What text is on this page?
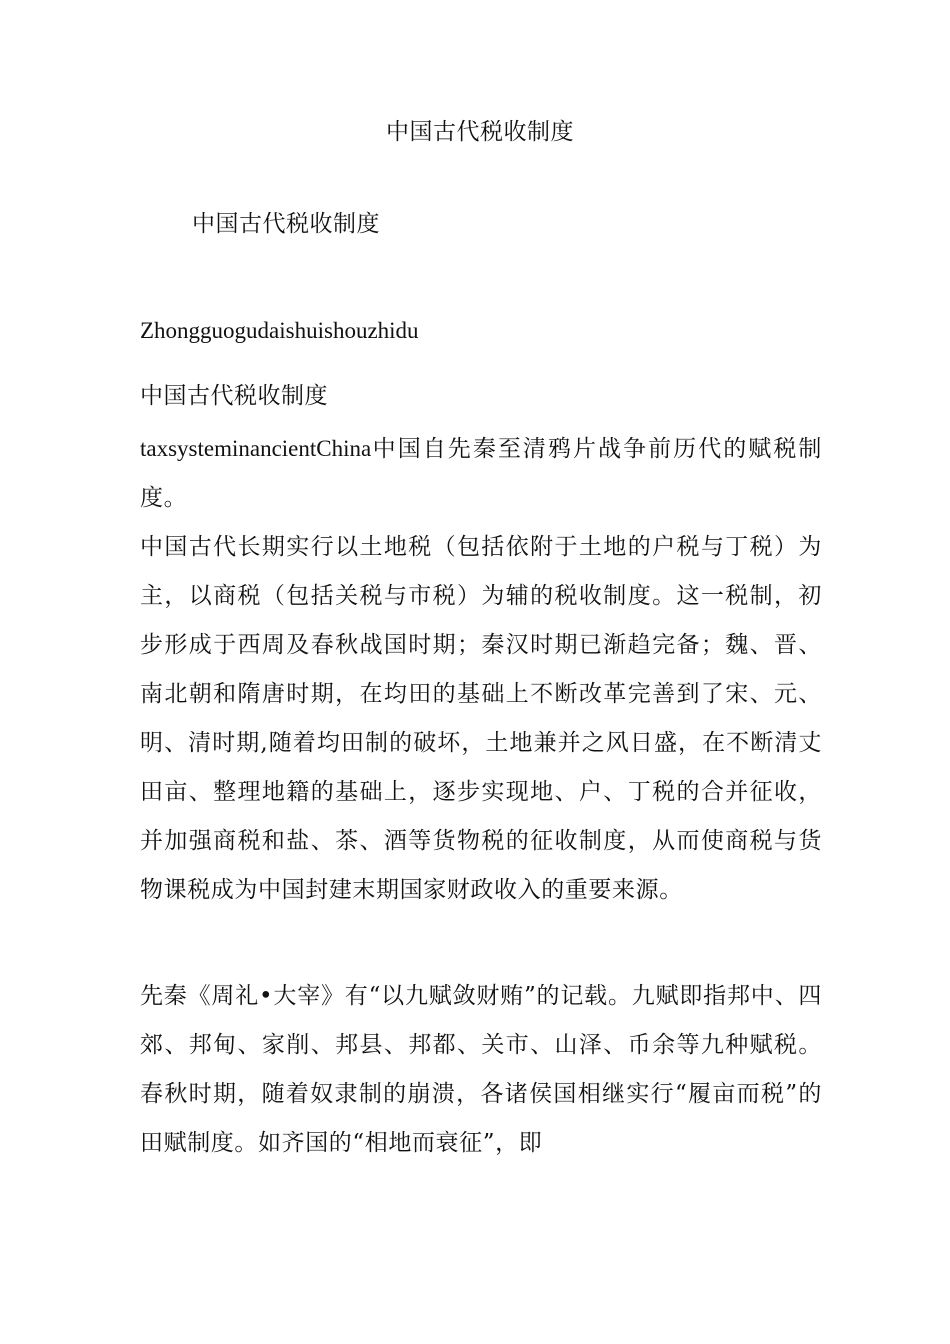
中国古代税收制度
中国古代税收制度
Zhongguogudaishuishouzhidu
中国古代税收制度

taxsysteminancientChina中国自先秦至清鸦片战争前历代的赋税制度。

中国古代长期实行以土地税（包括依附于土地的户税与丁税）为主，以商税（包括关税与市税）为辅的税收制度。这一税制，初步形成于西周及春秋战国时期；秦汉时期已渐趋完备；魏、晋、南北朝和隋唐时期，在均田的基础上不断改革完善到了宋、元、明、清时期,随着均田制的破坏，土地兼并之风日盛，在不断清丈田亩、整理地籍的基础上，逐步实现地、户、丁税的合并征收，并加强商税和盐、茶、酒等货物税的征收制度，从而使商税与货物课税成为中国封建末期国家财政收入的重要来源。

先秦《周礼•大宰》有“以九赋敛财贿”的记载。九赋即指邦中、四郊、邦甸、家削、邦县、邦都、关市、山泽、币余等九种赋税。春秋时期，随着奴隶制的崩溃，各诸侯国相继实行“履亩而税”的田赋制度。如齐国的“相地而衰征”，即
